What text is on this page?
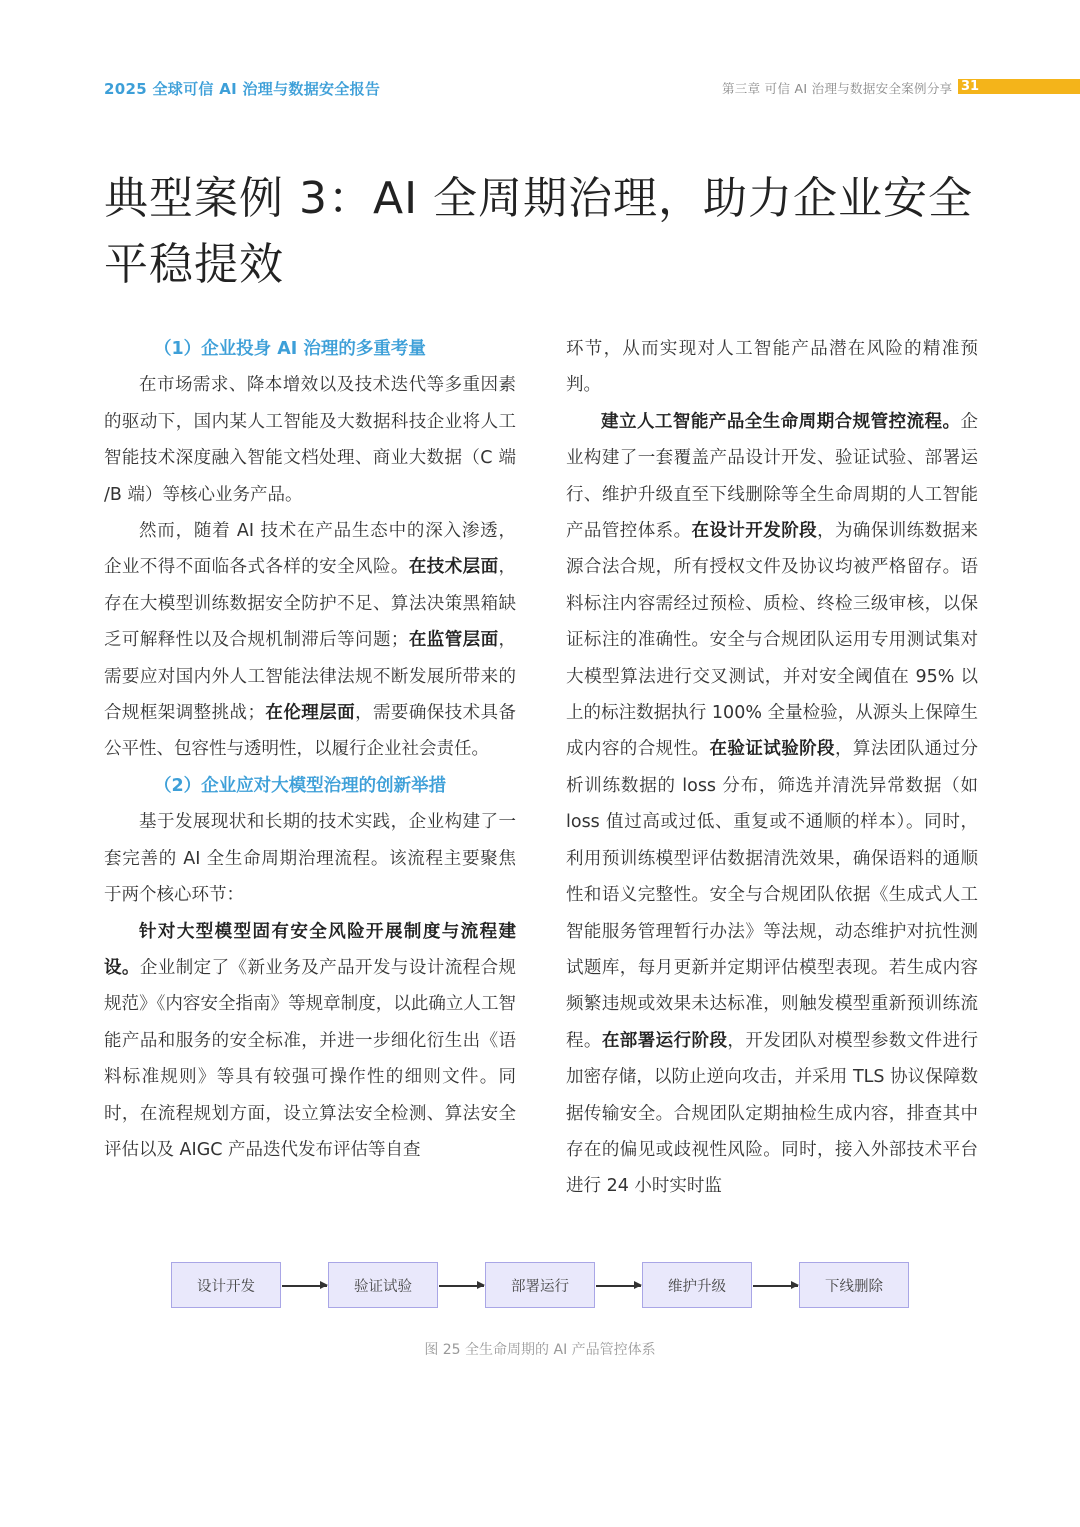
2025 全球可信 AI 治理与数据安全报告	第三章 可信 AI 治理与数据安全案例分享 31
典型案例 3：AI 全周期治理，助力企业安全
平稳提效
（1）企业投身 AI 治理的多重考量

在市场需求、降本增效以及技术迭代等多重因素的驱动下，国内某人工智能及大数据科技企业将人工智能技术深度融入智能文档处理、商业大数据（C 端 /B 端）等核心业务产品。

然而，随着 AI 技术在产品生态中的深入渗透，企业不得不面临各式各样的安全风险。在技术层面，存在大模型训练数据安全防护不足、算法决策黑箱缺乏可解释性以及合规机制滞后等问题；在监管层面，需要应对国内外人工智能法律法规不断发展所带来的合规框架调整挑战；在伦理层面，需要确保技术具备公平性、包容性与透明性，以履行企业社会责任。

（2）企业应对大模型治理的创新举措

基于发展现状和长期的技术实践，企业构建了一套完善的 AI 全生命周期治理流程。该流程主要聚焦于两个核心环节：

针对大型模型固有安全风险开展制度与流程建设。企业制定了《新业务及产品开发与设计流程合规规范》《内容安全指南》等规章制度，以此确立人工智能产品和服务的安全标准，并进一步细化衍生出《语料标准规则》等具有较强可操作性的细则文件。同时，在流程规划方面，设立算法安全检测、算法安全评估以及 AIGC 产品迭代发布评估等自查

环节，从而实现对人工智能产品潜在风险的精准预判。

建立人工智能产品全生命周期合规管控流程。企业构建了一套覆盖产品设计开发、验证试验、部署运行、维护升级直至下线删除等全生命周期的人工智能产品管控体系。在设计开发阶段，为确保训练数据来源合法合规，所有授权文件及协议均被严格留存。语料标注内容需经过预检、质检、终检三级审核，以保证标注的准确性。安全与合规团队运用专用测试集对大模型算法进行交叉测试，并对安全阈值在 95% 以上的标注数据执行 100% 全量检验，从源头上保障生成内容的合规性。在验证试验阶段，算法团队通过分析训练数据的 loss 分布，筛选并清洗异常数据（如 loss 值过高或过低、重复或不通顺的样本）。同时，利用预训练模型评估数据清洗效果，确保语料的通顺性和语义完整性。安全与合规团队依据《生成式人工智能服务管理暂行办法》等法规，动态维护对抗性测试题库，每月更新并定期评估模型表现。若生成内容频繁违规或效果未达标准，则触发模型重新预训练流程。在部署运行阶段，开发团队对模型参数文件进行加密存储，以防止逆向攻击，并采用 TLS 协议保障数据传输安全。合规团队定期抽检生成内容，排查其中存在的偏见或歧视性风险。同时，接入外部技术平台进行 24 小时实时监

设计开发	验证试验	部署运行	维护升级	下线删除
图 25 全生命周期的 AI 产品管控体系
